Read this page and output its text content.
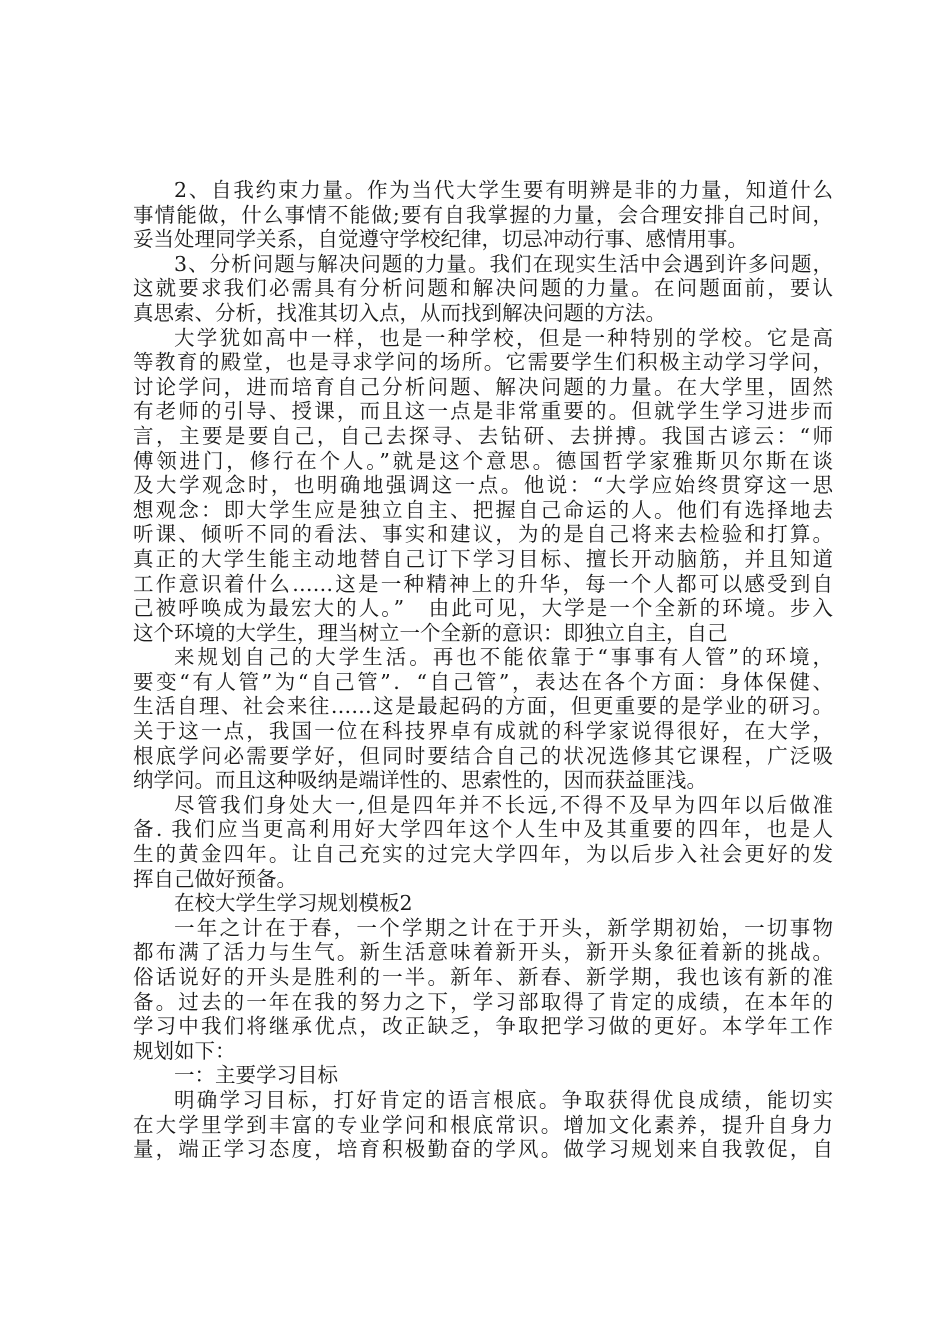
2、自我约束力量。作为当代大学生要有明辨是非的力量，知道什么
事情能做，什么事情不能做;要有自我掌握的力量，会合理安排自己时间，
妥当处理同学关系，自觉遵守学校纪律，切忌冲动行事、感情用事。
3、分析问题与解决问题的力量。我们在现实生活中会遇到许多问题，
这就要求我们必需具有分析问题和解决问题的力量。在问题面前，要认
真思索、分析，找准其切入点，从而找到解决问题的方法。
大学犹如高中一样，也是一种学校，但是一种特别的学校。它是高
等教育的殿堂，也是寻求学问的场所。它需要学生们积极主动学习学问，
讨论学问，进而培育自己分析问题、解决问题的力量。在大学里，固然
有老师的引导、授课，而且这一点是非常重要的。但就学生学习进步而
言，主要是要自己，自己去探寻、去钻研、去拼搏。我国古谚云：“师
傅领进门，修行在个人。”就是这个意思。德国哲学家雅斯贝尔斯在谈
及大学观念时，也明确地强调这一点。他说：“大学应始终贯穿这一思
想观念：即大学生应是独立自主、把握自己命运的人。他们有选择地去
听课、倾听不同的看法、事实和建议，为的是自己将来去检验和打算。
真正的大学生能主动地替自己订下学习目标、擅长开动脑筋，并且知道
工作意识着什么……这是一种精神上的升华，每一个人都可以感受到自
己被呼唤成为最宏大的人。”　由此可见，大学是一个全新的环境。步入
这个环境的大学生，理当树立一个全新的意识：即独立自主，自己
来规划自己的大学生活。再也不能依靠于“事事有人管”的环境，
要变“有人管”为“自己管”．“自己管”，表达在各个方面：身体保健、
生活自理、社会来往……这是最起码的方面，但更重要的是学业的研习。
关于这一点，我国一位在科技界卓有成就的科学家说得很好，在大学，
根底学问必需要学好，但同时要结合自己的状况选修其它课程，广泛吸
纳学问。而且这种吸纳是端详性的、思索性的，因而获益匪浅。
尽管我们身处大一,但是四年并不长远,不得不及早为四年以后做准
备. 我们应当更高利用好大学四年这个人生中及其重要的四年，也是人
生的黄金四年。让自己充实的过完大学四年，为以后步入社会更好的发
挥自己做好预备。
在校大学生学习规划模板2
一年之计在于春，一个学期之计在于开头，新学期初始，一切事物
都布满了活力与生气。新生活意味着新开头，新开头象征着新的挑战。
俗话说好的开头是胜利的一半。新年、新春、新学期，我也该有新的准
备。过去的一年在我的努力之下，学习部取得了肯定的成绩，在本年的
学习中我们将继承优点，改正缺乏，争取把学习做的更好。本学年工作
规划如下：
一：主要学习目标
明确学习目标，打好肯定的语言根底。争取获得优良成绩，能切实
在大学里学到丰富的专业学问和根底常识。增加文化素养，提升自身力
量，端正学习态度，培育积极勤奋的学风。做学习规划来自我敦促，自
